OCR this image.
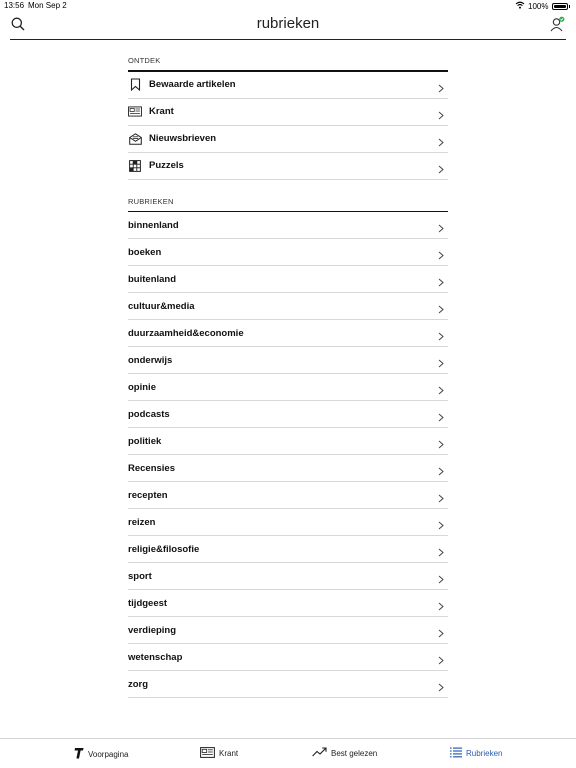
13:56 Mon Sep 2	100%
rubrieken
ONTDEK
Bewaarde artikelen
Krant
Nieuwsbrieven
Puzzels
RUBRIEKEN
binnenland
boeken
buitenland
cultuur&media
duurzaamheid&economie
onderwijs
opinie
podcasts
politiek
Recensies
recepten
reizen
religie&filosofie
sport
tijdgeest
verdieping
wetenschap
zorg
Voorpagina	Krant	Best gelezen	Rubrieken
